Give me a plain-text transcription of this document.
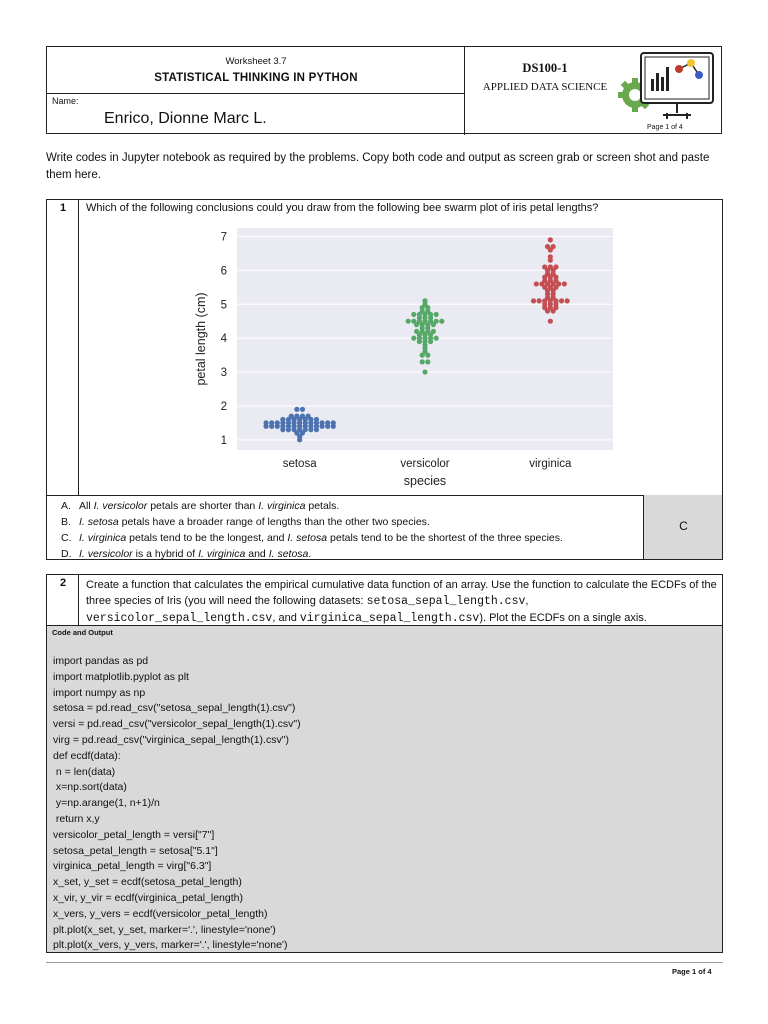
Worksheet 3.7
STATISTICAL THINKING IN PYTHON
Name:
Enrico, Dionne Marc L.
DS100-1
APPLIED DATA SCIENCE
Page 1 of 4
Write codes in Jupyter notebook as required by the problems. Copy both code and output as screen grab or screen shot and paste them here.
1	Which of the following conclusions could you draw from the following bee swarm plot of iris petal lengths?
1
2
3
4
5
6
7
setosa	versicolor	virginica
petal length (cm)
species
A. All I. versicolor petals are shorter than I. virginica petals.
B. I. setosa petals have a broader range of lengths than the other two species.
C. I. virginica petals tend to be the longest, and I. setosa petals tend to be the shortest of the three species.
D. I. versicolor is a hybrid of I. virginica and I. setosa.
C
2	Create a function that calculates the empirical cumulative data function of an array. Use the function to calculate the ECDFs of the three species of Iris (you will need the following datasets: setosa_sepal_length.csv, versicolor_sepal_length.csv, and virginica_sepal_length.csv). Plot the ECDFs on a single axis.
Code and Output
import pandas as pd
import matplotlib.pyplot as plt
import numpy as np
setosa = pd.read_csv("setosa_sepal_length(1).csv")
versi = pd.read_csv("versicolor_sepal_length(1).csv")
virg = pd.read_csv("virginica_sepal_length(1).csv")
def ecdf(data):
n = len(data)
x=np.sort(data)
y=np.arange(1, n+1)/n
return x,y
versicolor_petal_length = versi["7"]
setosa_petal_length = setosa["5.1"]
virginica_petal_length = virg["6.3"]
x_set, y_set = ecdf(setosa_petal_length)
x_vir, y_vir = ecdf(virginica_petal_length)
x_vers, y_vers = ecdf(versicolor_petal_length)
plt.plot(x_set, y_set, marker='.', linestyle='none')
plt.plot(x_vers, y_vers, marker='.', linestyle='none')
Page 1 of 4
